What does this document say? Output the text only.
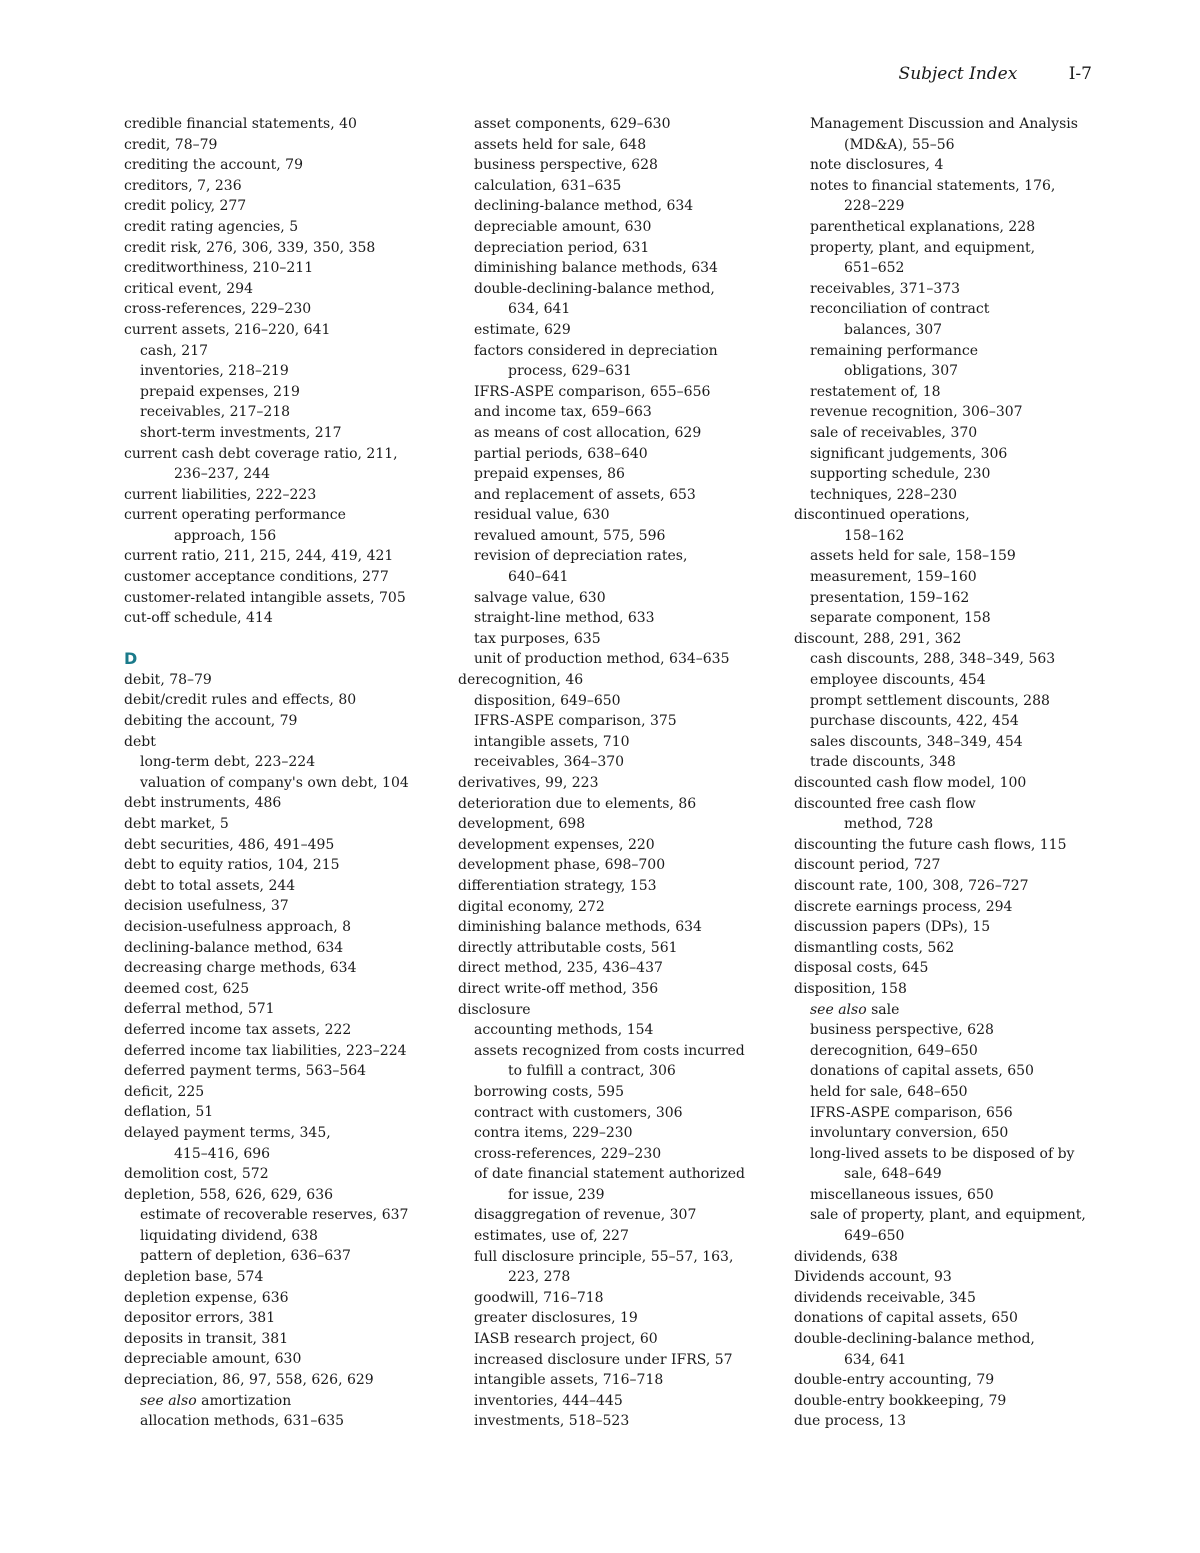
Subject Index	I-7
credible financial statements, 40
credit, 78–79
crediting the account, 79
creditors, 7, 236
credit policy, 277
credit rating agencies, 5
credit risk, 276, 306, 339, 350, 358
creditworthiness, 210–211
critical event, 294
cross-references, 229–230
current assets, 216–220, 641
cash, 217
inventories, 218–219
prepaid expenses, 219
receivables, 217–218
short-term investments, 217
current cash debt coverage ratio, 211,
236–237, 244
current liabilities, 222–223
current operating performance
approach, 156
current ratio, 211, 215, 244, 419, 421
customer acceptance conditions, 277
customer-related intangible assets, 705
cut-off schedule, 414
D
debit, 78–79
debit/credit rules and effects, 80
debiting the account, 79
debt
long-term debt, 223–224
valuation of company's own debt, 104
debt instruments, 486
debt market, 5
debt securities, 486, 491–495
debt to equity ratios, 104, 215
debt to total assets, 244
decision usefulness, 37
decision-usefulness approach, 8
declining-balance method, 634
decreasing charge methods, 634
deemed cost, 625
deferral method, 571
deferred income tax assets, 222
deferred income tax liabilities, 223–224
deferred payment terms, 563–564
deficit, 225
deflation, 51
delayed payment terms, 345,
415–416, 696
demolition cost, 572
depletion, 558, 626, 629, 636
estimate of recoverable reserves, 637
liquidating dividend, 638
pattern of depletion, 636–637
depletion base, 574
depletion expense, 636
depositor errors, 381
deposits in transit, 381
depreciable amount, 630
depreciation, 86, 97, 558, 626, 629
see also amortization
allocation methods, 631–635
asset components, 629–630
assets held for sale, 648
business perspective, 628
calculation, 631–635
declining-balance method, 634
depreciable amount, 630
depreciation period, 631
diminishing balance methods, 634
double-declining-balance method,
634, 641
estimate, 629
factors considered in depreciation
process, 629–631
IFRS-ASPE comparison, 655–656
and income tax, 659–663
as means of cost allocation, 629
partial periods, 638–640
prepaid expenses, 86
and replacement of assets, 653
residual value, 630
revalued amount, 575, 596
revision of depreciation rates,
640–641
salvage value, 630
straight-line method, 633
tax purposes, 635
unit of production method, 634–635
derecognition, 46
disposition, 649–650
IFRS-ASPE comparison, 375
intangible assets, 710
receivables, 364–370
derivatives, 99, 223
deterioration due to elements, 86
development, 698
development expenses, 220
development phase, 698–700
differentiation strategy, 153
digital economy, 272
diminishing balance methods, 634
directly attributable costs, 561
direct method, 235, 436–437
direct write-off method, 356
disclosure
accounting methods, 154
assets recognized from costs incurred
to fulfill a contract, 306
borrowing costs, 595
contract with customers, 306
contra items, 229–230
cross-references, 229–230
of date financial statement authorized
for issue, 239
disaggregation of revenue, 307
estimates, use of, 227
full disclosure principle, 55–57, 163,
223, 278
goodwill, 716–718
greater disclosures, 19
IASB research project, 60
increased disclosure under IFRS, 57
intangible assets, 716–718
inventories, 444–445
investments, 518–523
Management Discussion and Analysis
(MD&A), 55–56
note disclosures, 4
notes to financial statements, 176,
228–229
parenthetical explanations, 228
property, plant, and equipment,
651–652
receivables, 371–373
reconciliation of contract
balances, 307
remaining performance
obligations, 307
restatement of, 18
revenue recognition, 306–307
sale of receivables, 370
significant judgements, 306
supporting schedule, 230
techniques, 228–230
discontinued operations,
158–162
assets held for sale, 158–159
measurement, 159–160
presentation, 159–162
separate component, 158
discount, 288, 291, 362
cash discounts, 288, 348–349, 563
employee discounts, 454
prompt settlement discounts, 288
purchase discounts, 422, 454
sales discounts, 348–349, 454
trade discounts, 348
discounted cash flow model, 100
discounted free cash flow
method, 728
discounting the future cash flows, 115
discount period, 727
discount rate, 100, 308, 726–727
discrete earnings process, 294
discussion papers (DPs), 15
dismantling costs, 562
disposal costs, 645
disposition, 158
see also sale
business perspective, 628
derecognition, 649–650
donations of capital assets, 650
held for sale, 648–650
IFRS-ASPE comparison, 656
involuntary conversion, 650
long-lived assets to be disposed of by
sale, 648–649
miscellaneous issues, 650
sale of property, plant, and equipment,
649–650
dividends, 638
Dividends account, 93
dividends receivable, 345
donations of capital assets, 650
double-declining-balance method,
634, 641
double-entry accounting, 79
double-entry bookkeeping, 79
due process, 13
